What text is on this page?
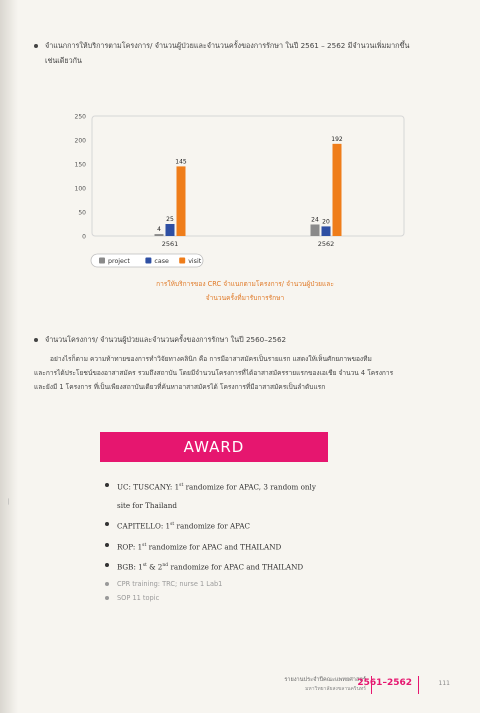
จำแนกการให้บริการตามโครงการ/ จำนวนผู้ป่วยและจำนวนครั้งของการรักษา ในปี 2561 – 2562 มีจำนวนเพิ่มมากขึ้น
เช่นเดียวกัน
0
50
100
150
200
250
4
25
145
2561
24 20
192
2562
project	case	visit
การให้บริการของ CRC จำแนกตามโครงการ/ จำนวนผู้ป่วยและ
จำนวนครั้งที่มารับการรักษา
จำนวนโครงการ/ จำนวนผู้ป่วยและจำนวนครั้งของการรักษา ในปี 2560–2562
อย่างไรก็ตาม ความท้าทายของการทำวิจัยทางคลินิก คือ การมีอาสาสมัครเป็นรายแรก แสดงให้เห็นศักยภาพของทีม
และการได้ประโยชน์ของอาสาสมัคร รวมถึงสถาบัน โดยมีจำนวนโครงการที่ได้อาสาสมัครรายแรกของเอเชีย จำนวน 4 โครงการ
และยังมี 1 โครงการ ที่เป็นเพียงสถาบันเดียวที่ค้นหาอาสาสมัครได้ โครงการที่มีอาสาสมัครเป็นลำดับแรก
AWARD
UC: TUSCANY: 1st randomize for APAC, 3 random only
site for Thailand
CAPITELLO: 1st randomize for APAC
ROP: 1st randomize for APAC and THAILAND
BGB: 1st & 2nd randomize for APAC and THAILAND
CPR training: TRC; nurse 1 Lab1
SOP 11 topic
รายงานประจำปีคณะแพทยศาสตร์
มหาวิทยาลัยสงขลานครินทร์
2561–2562	111
—
